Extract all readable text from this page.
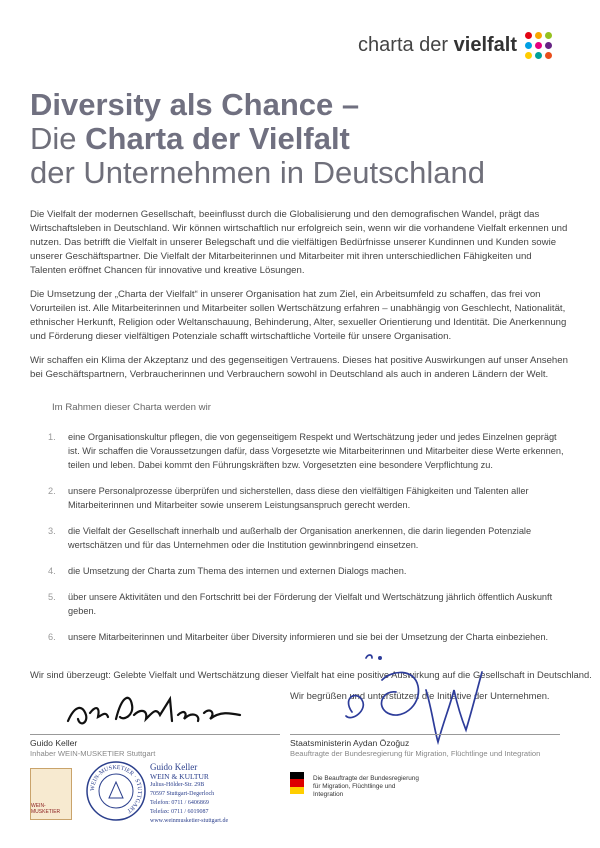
charta der vielfalt
Diversity als Chance –
Die Charta der Vielfalt
der Unternehmen in Deutschland

Die Vielfalt der modernen Gesellschaft, beeinflusst durch die Globalisierung und den demografischen Wandel, prägt das Wirtschaftsleben in Deutschland. Wir können wirtschaftlich nur erfolgreich sein, wenn wir die vorhandene Vielfalt erkennen und nutzen. Das betrifft die Vielfalt in unserer Belegschaft und die vielfältigen Bedürfnisse unserer Kundinnen und Kunden sowie unserer Geschäftspartner. Die Vielfalt der Mitarbeiterinnen und Mitarbeiter mit ihren unterschiedlichen Fähigkeiten und Talenten eröffnet Chancen für innovative und kreative Lösungen.

Die Umsetzung der „Charta der Vielfalt“ in unserer Organisation hat zum Ziel, ein Arbeitsumfeld zu schaffen, das frei von Vorurteilen ist. Alle Mitarbeiterinnen und Mitarbeiter sollen Wertschätzung erfahren – unabhängig von Geschlecht, Nationalität, ethnischer Herkunft, Religion oder Weltanschauung, Behinderung, Alter, sexueller Orientierung und Identität. Die Anerkennung und Förderung dieser vielfältigen Potenziale schafft wirtschaftliche Vorteile für unsere Organisation.

Wir schaffen ein Klima der Akzeptanz und des gegenseitigen Vertrauens. Dieses hat positive Auswirkungen auf unser Ansehen bei Geschäftspartnern, Verbraucherinnen und Verbrauchern sowohl in Deutschland als auch in anderen Ländern der Welt.

Im Rahmen dieser Charta werden wir
1. eine Organisationskultur pflegen, die von gegenseitigem Respekt und Wertschätzung jeder und jedes Einzelnen geprägt ist. Wir schaffen die Voraussetzungen dafür, dass Vorgesetzte wie Mitarbeiterinnen und Mitarbeiter diese Werte erkennen, teilen und leben. Dabei kommt den Führungskräften bzw. Vorgesetzten eine besondere Verpflichtung zu.
2. unsere Personalprozesse überprüfen und sicherstellen, dass diese den vielfältigen Fähigkeiten und Talenten aller Mitarbeiterinnen und Mitarbeiter sowie unserem Leistungsanspruch gerecht werden.
3. die Vielfalt der Gesellschaft innerhalb und außerhalb der Organisation anerkennen, die darin liegenden Potenziale wertschätzen und für das Unternehmen oder die Institution gewinnbringend einsetzen.
4. die Umsetzung der Charta zum Thema des internen und externen Dialogs machen.
5. über unsere Aktivitäten und den Fortschritt bei der Förderung der Vielfalt und Wertschätzung jährlich öffentlich Auskunft geben.
6. unsere Mitarbeiterinnen und Mitarbeiter über Diversity informieren und sie bei der Umsetzung der Charta einbeziehen.
Wir sind überzeugt: Gelebte Vielfalt und Wertschätzung dieser Vielfalt hat eine positive Auswirkung auf die Gesellschaft in Deutschland.
Wir begrüßen und unterstützen die Initiative der Unternehmen.
Guido Keller
Inhaber WEIN-MUSKETIER Stuttgart
Staatsministerin Aydan Özoğuz
Beauftragte der Bundesregierung für Migration, Flüchtlinge und Integration
WEIN-MUSKETIER
WEIN-MUSKETIER · STUTTGART
Guido Keller
WEIN & KULTUR
Julius-Hölder-Str. 29B
70597 Stuttgart-Degerloch
Telefon: 0711 / 6406869
Telefax: 0711 / 6019087
www.weinmusketier-stuttgart.de
Die Beauftragte der Bundesregierung
für Migration, Flüchtlinge und
Integration
